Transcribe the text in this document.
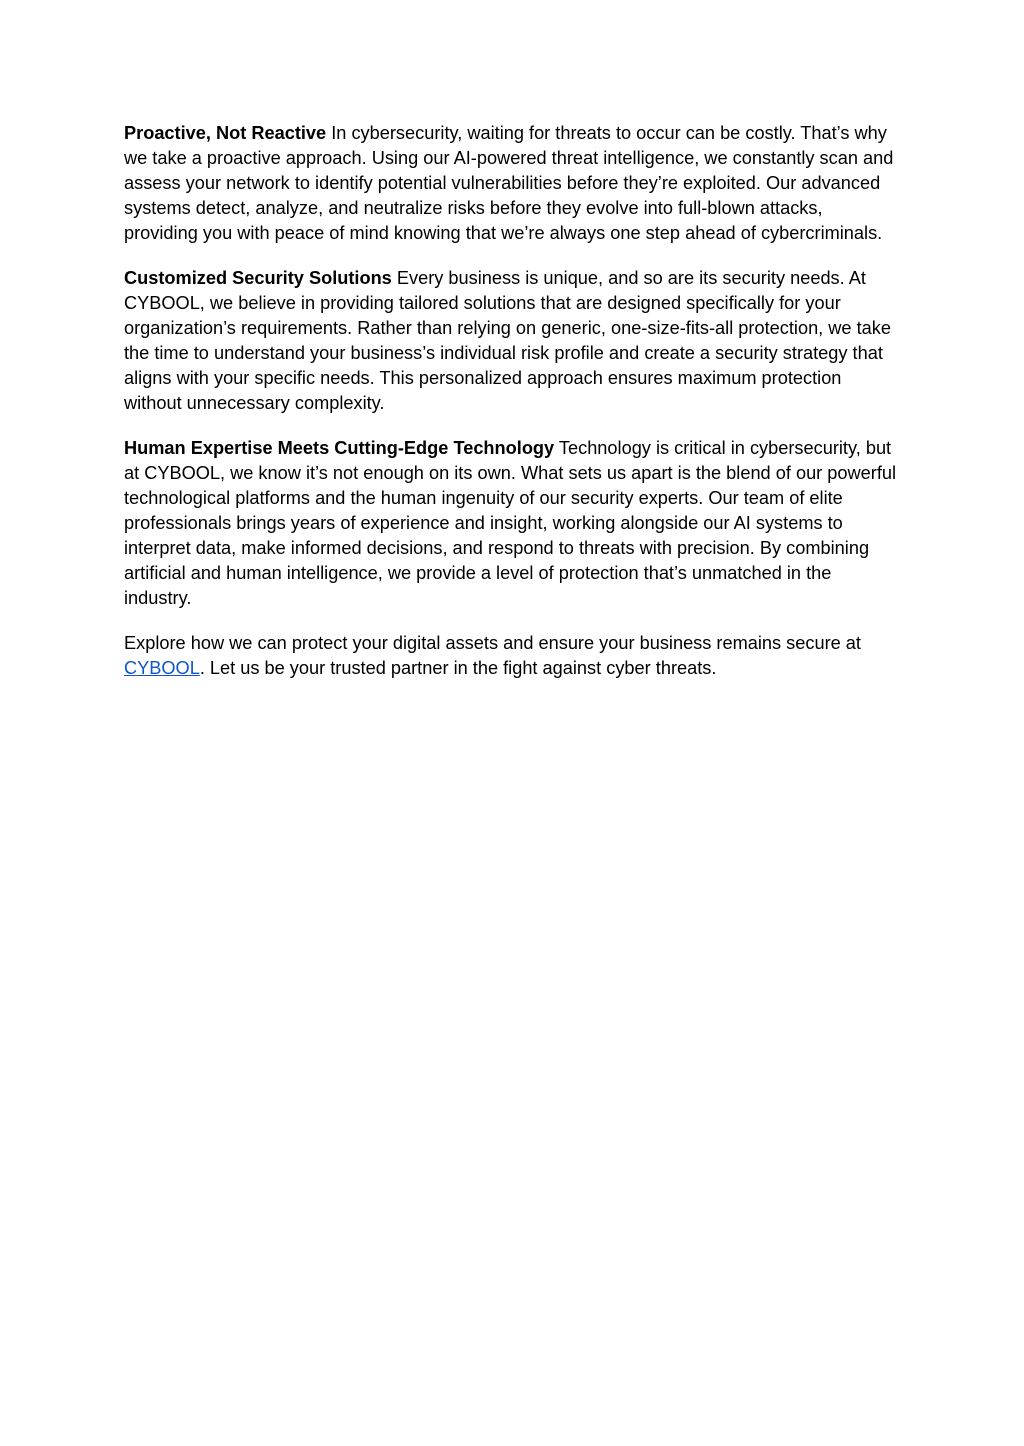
Proactive, Not Reactive In cybersecurity, waiting for threats to occur can be costly. That’s why we take a proactive approach. Using our AI-powered threat intelligence, we constantly scan and assess your network to identify potential vulnerabilities before they’re exploited. Our advanced systems detect, analyze, and neutralize risks before they evolve into full-blown attacks, providing you with peace of mind knowing that we’re always one step ahead of cybercriminals.

Customized Security Solutions Every business is unique, and so are its security needs. At CYBOOL, we believe in providing tailored solutions that are designed specifically for your organization’s requirements. Rather than relying on generic, one-size-fits-all protection, we take the time to understand your business’s individual risk profile and create a security strategy that aligns with your specific needs. This personalized approach ensures maximum protection without unnecessary complexity.

Human Expertise Meets Cutting-Edge Technology Technology is critical in cybersecurity, but at CYBOOL, we know it’s not enough on its own. What sets us apart is the blend of our powerful technological platforms and the human ingenuity of our security experts. Our team of elite professionals brings years of experience and insight, working alongside our AI systems to interpret data, make informed decisions, and respond to threats with precision. By combining artificial and human intelligence, we provide a level of protection that’s unmatched in the industry.

Explore how we can protect your digital assets and ensure your business remains secure at CYBOOL. Let us be your trusted partner in the fight against cyber threats.
